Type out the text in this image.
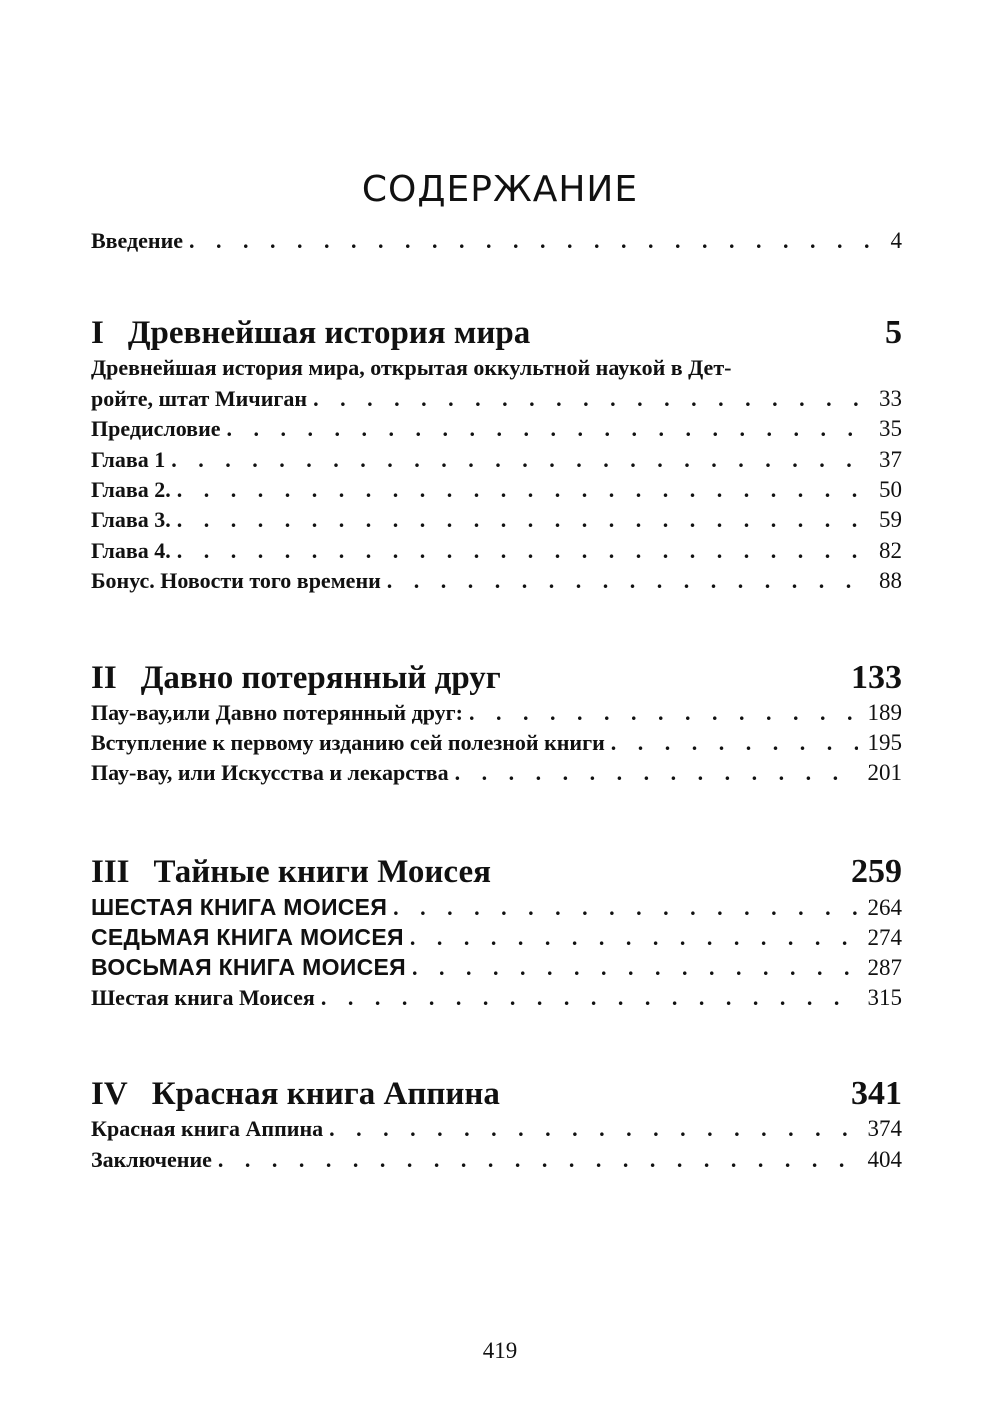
СОДЕРЖАНИЕ
Введение . . .	4
I Древнейшая история мира	5
Древнейшая история мира, открытая оккультной наукой в Дет-
ройте, штат Мичиган . . .	33
Предисловие . . .	35
Глава 1 . . .	37
Глава 2. . . .	50
Глава 3. . . .	59
Глава 4. . . .	82
Бонус. Новости того времени . . .	88
II Давно потерянный друг	133
Пау-вау,или Давно потерянный друг: . . .	189
Вступление к первому изданию сей полезной книги . . .	195
Пау-вау, или Искусства и лекарства . . .	201
III Тайные книги Моисея	259
ШЕСТАЯ КНИГА МОИСЕЯ . . .	264
СЕДЬМАЯ КНИГА МОИСЕЯ . . .	274
ВОСЬМАЯ КНИГА МОИСЕЯ . . .	287
Шестая книга Моисея . . .	315
IV Красная книга Аппина	341
Красная книга Аппина . . .	374
Заключение . . .	404
419
